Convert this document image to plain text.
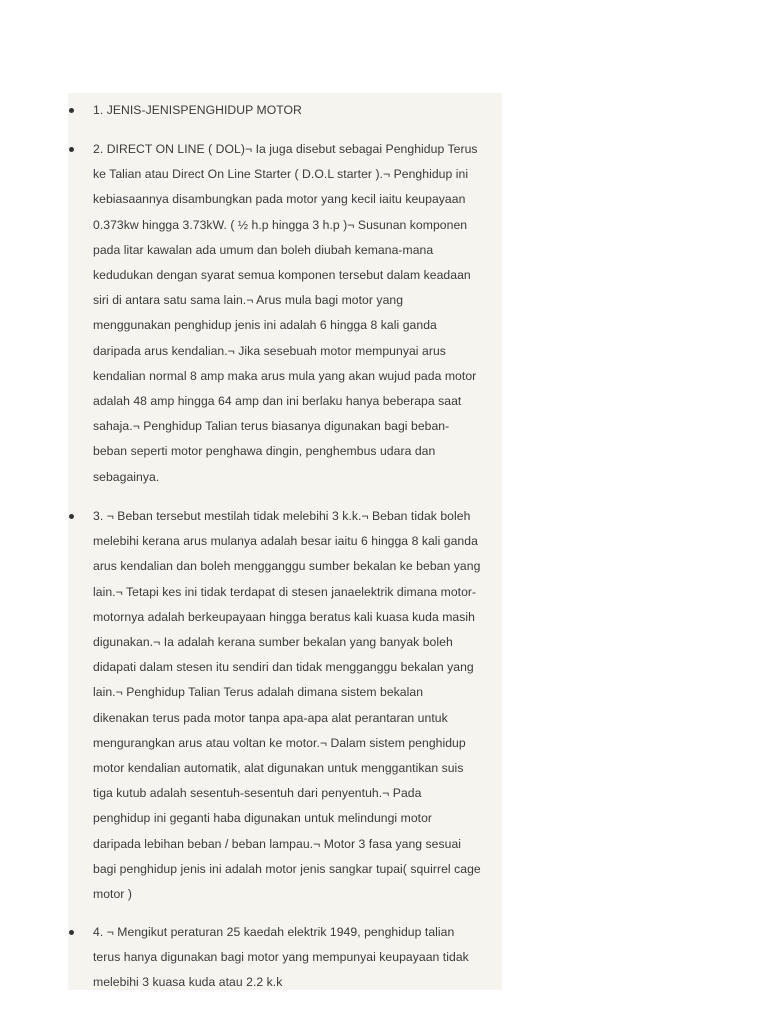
1. JENIS-JENISPENGHIDUP MOTOR

2. DIRECT ON LINE ( DOL)¬ Ia juga disebut sebagai Penghidup Terus
ke Talian atau Direct On Line Starter ( D.O.L starter ).¬ Penghidup ini
kebiasaannya disambungkan pada motor yang kecil iaitu keupayaan
0.373kw hingga 3.73kW. ( ½ h.p hingga 3 h.p )¬ Susunan komponen
pada litar kawalan ada umum dan boleh diubah kemana-mana
kedudukan dengan syarat semua komponen tersebut dalam keadaan
siri di antara satu sama lain.¬ Arus mula bagi motor yang
menggunakan penghidup jenis ini adalah 6 hingga 8 kali ganda
daripada arus kendalian.¬ Jika sesebuah motor mempunyai arus
kendalian normal 8 amp maka arus mula yang akan wujud pada motor
adalah 48 amp hingga 64 amp dan ini berlaku hanya beberapa saat
sahaja.¬ Penghidup Talian terus biasanya digunakan bagi beban-
beban seperti motor penghawa dingin, penghembus udara dan
sebagainya.

3. ¬ Beban tersebut mestilah tidak melebihi 3 k.k.¬ Beban tidak boleh
melebihi kerana arus mulanya adalah besar iaitu 6 hingga 8 kali ganda
arus kendalian dan boleh mengganggu sumber bekalan ke beban yang
lain.¬ Tetapi kes ini tidak terdapat di stesen janaelektrik dimana motor-
motornya adalah berkeupayaan hingga beratus kali kuasa kuda masih
digunakan.¬ Ia adalah kerana sumber bekalan yang banyak boleh
didapati dalam stesen itu sendiri dan tidak mengganggu bekalan yang
lain.¬ Penghidup Talian Terus adalah dimana sistem bekalan
dikenakan terus pada motor tanpa apa-apa alat perantaran untuk
mengurangkan arus atau voltan ke motor.¬ Dalam sistem penghidup
motor kendalian automatik, alat digunakan untuk menggantikan suis
tiga kutub adalah sesentuh-sesentuh dari penyentuh.¬ Pada
penghidup ini geganti haba digunakan untuk melindungi motor
daripada lebihan beban / beban lampau.¬ Motor 3 fasa yang sesuai
bagi penghidup jenis ini adalah motor jenis sangkar tupai( squirrel cage
motor )

4. ¬ Mengikut peraturan 25 kaedah elektrik 1949, penghidup talian
terus hanya digunakan bagi motor yang mempunyai keupayaan tidak
melebihi 3 kuasa kuda atau 2.2 k.k
